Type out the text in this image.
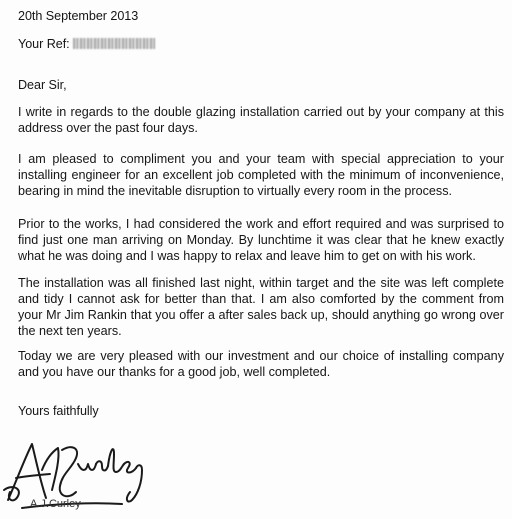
20th September 2013
Your Ref:
Dear Sir,

I write in regards to the double glazing installation carried out by your company at this address over the past four days.

I am pleased to compliment you and your team with special appreciation to your installing engineer for an excellent job completed with the minimum of inconvenience, bearing in mind the inevitable disruption to virtually every room in the process.

Prior to the works, I had considered the work and effort required and was surprised to find just one man arriving on Monday. By lunchtime it was clear that he knew exactly what he was doing and I was happy to relax and leave him to get on with his work.

The installation was all finished last night, within target and the site was left complete and tidy I cannot ask for better than that. I am also comforted by the comment from your Mr Jim Rankin that you offer a after sales back up, should anything go wrong over the next ten years.

Today we are very pleased with our investment and our choice of installing company and you have our thanks for a good job, well completed.

Yours faithfully
A.J.Curley
